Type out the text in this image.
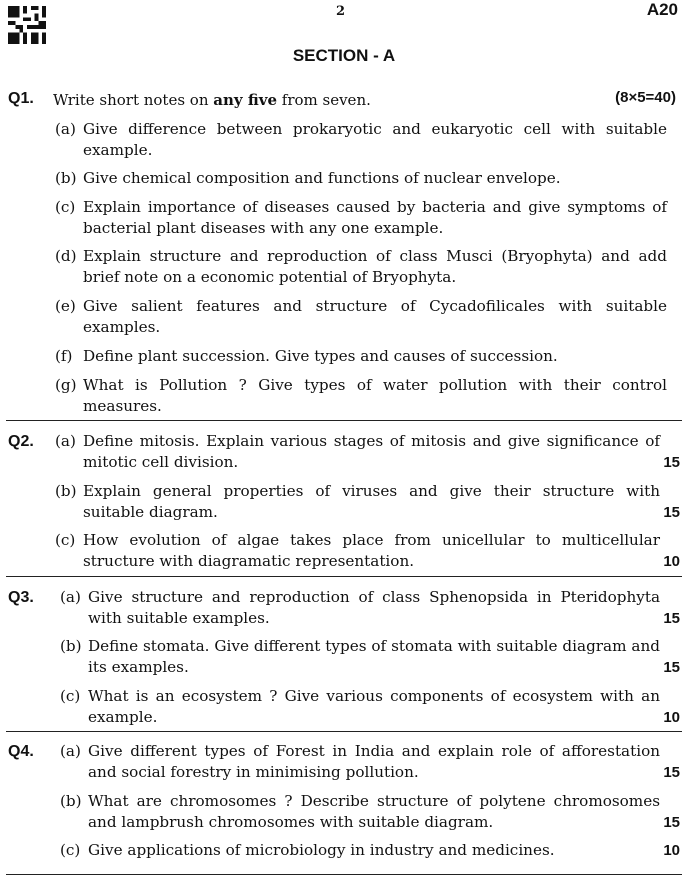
2	A20
SECTION - A
Q1. Write short notes on any five from seven.	(8×5=40)
(a) Give difference between prokaryotic and eukaryotic cell with suitable example.
(b) Give chemical composition and functions of nuclear envelope.
(c) Explain importance of diseases caused by bacteria and give symptoms of bacterial plant diseases with any one example.
(d) Explain structure and reproduction of class Musci (Bryophyta) and add brief note on a economic potential of Bryophyta.
(e) Give salient features and structure of Cycadofilicales with suitable examples.
(f) Define plant succession. Give types and causes of succession.
(g) What is Pollution ? Give types of water pollution with their control measures.
Q2. (a) Define mitosis. Explain various stages of mitosis and give significance of mitotic cell division.	15
(b) Explain general properties of viruses and give their structure with suitable diagram.	15
(c) How evolution of algae takes place from unicellular to multicellular structure with diagramatic representation.	10
Q3. (a) Give structure and reproduction of class Sphenopsida in Pteridophyta with suitable examples.	15
(b) Define stomata. Give different types of stomata with suitable diagram and its examples.	15
(c) What is an ecosystem ? Give various components of ecosystem with an example.	10
Q4. (a) Give different types of Forest in India and explain role of afforestation and social forestry in minimising pollution.	15
(b) What are chromosomes ? Describe structure of polytene chromosomes and lampbrush chromosomes with suitable diagram.	15
(c) Give applications of microbiology in industry and medicines.	10
